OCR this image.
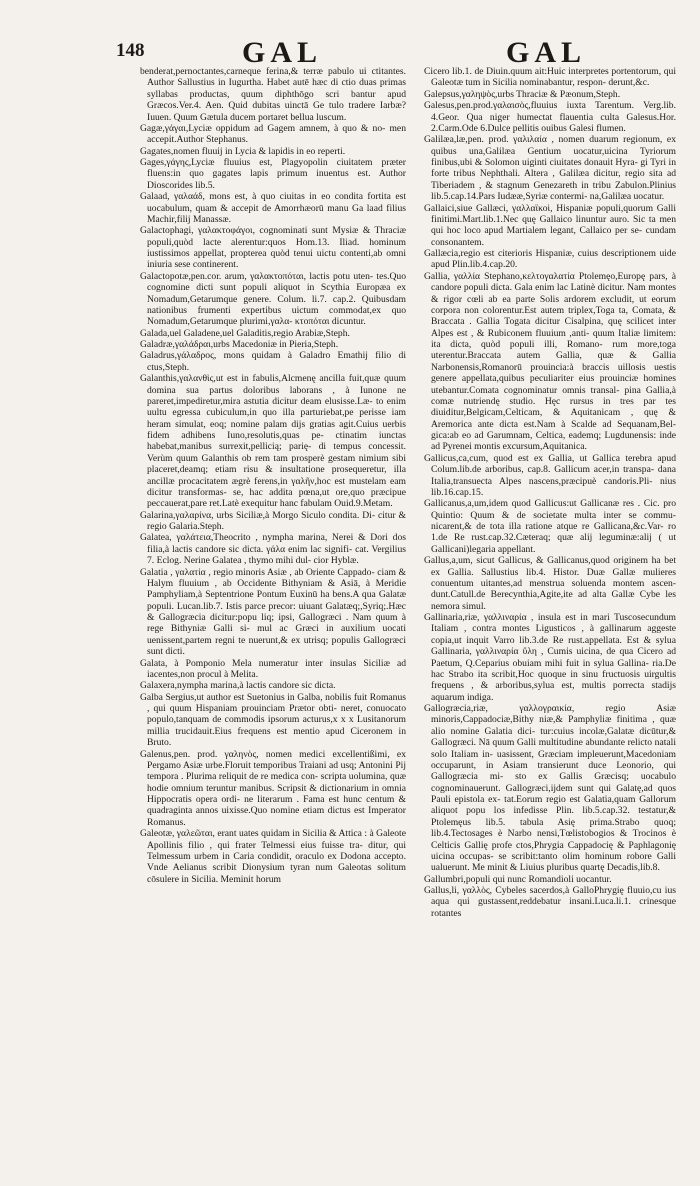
148	GAL	GAL

benderat,pernoctantes,carneque ferina,& terræ pabulo ui ctitantes. Author Sallustius in Iugurtha. Habet autē hæc di ctio duas primas syllabas productas, quum diphthōgo scri bantur apud Græcos.Ver.4. Aen. Quid dubitas uinctā Ge tulo tradere Iarbæ?Iuuen. Quum Gætula ducem portaret bellua luscum.

Gagæ,γάγαι,Lyciæ oppidum ad Gagem amnem, à quo & no- men accepit.Author Stephanus.

Gagates,nomen fluuij in Lycia & lapidis in eo reperti.

Gages,γάγης,Lyciæ fluuius est, Plagyopolin ciuitatem præter fluens:in quo gagates lapis primum inuentus est. Author Dioscorides lib.5.

Galaad, γαλαάδ, mons est, à quo ciuitas in eo condita fortita est uocabulum, quam & accepit de Amorrhæorū manu Ga laad filius Machir,filij Manassæ.

Galactophagi, γαλακτοφάγοι, cognominati sunt Mysiæ & Thraciæ populi,quòd lacte alerentur:quos Hom.13. Iliad. hominum iustissimos appellat, propterea quòd tenui uictu contenti,ab omni iniuria sese continerent.

Galactopotæ,pen.cor. arum, γαλακτοπόται, lactis potu uten- tes.Quo cognomine dicti sunt populi aliquot in Scythia Europæa ex Nomadum,Getarumque genere. Colum. li.7. cap.2. Quibusdam nationibus frumenti expertibus uictum commodat,ex quo Nomadum,Getarumque plurimi,γαλα- κτοπόται dicuntur.

Galada,uel Galadene,uel Galaditis,regio Arabiæ,Steph.

Galadræ,γαλάδραι,urbs Macedoniæ in Pieria,Steph.

Galadrus,γάλαδρος, mons quidam à Galadro Emathij filio di ctus,Steph.

Galanthis,γαλανθὶς,ut est in fabulis,Alcmenę ancilla fuit,quæ quum domina sua partus doloribus laborans , à Iunone ne pareret,impediretur,mira astutia dicitur deam elusisse.Læ- to enim uultu egressa cubiculum,in quo illa parturiebat,pe perisse iam heram simulat, eoq; nomine palam dijs gratias agit.Cuius uerbis fidem adhibens Iuno,resolutis,quas pe- ctinatim iunctas habebat,manibus surrexit,pellicią; parię- di tempus concessit. Verùm quum Galanthis ob rem tam prosperè gestam nimium sibi placeret,deamq; etiam risu & insultatione prosequeretur, illa ancillæ procacitatem ægrè ferens,in γαλῆν,hoc est mustelam eam dicitur transformas- se, hac addita pœna,ut ore,quo præcipue peccauerat,pare ret.Latè exequitur hanc fabulam Ouid.9.Metam.

Galarina,γαλαρίνα, urbs Siciliæ,à Morgo Siculo condita. Di- citur & regio Galaria.Steph.

Galatea, γαλάτεια,Theocrito , nympha marina, Nerei & Dori dos filia,à lactis candore sic dicta. γάλα enim lac signifi- cat. Vergilius 7. Eclog. Nerine Galatea , thymo mihi dul- cior Hyblæ.

Galatia , γαλατία , regio minoris Asiæ , ab Oriente Cappado- ciam & Halym fluuium , ab Occidente Bithyniam & Asiā, à Meridie Pamphyliam,à Septentrione Pontum Euxinū ha bens.A qua Galatæ populi. Lucan.lib.7. Istis parce precor: uiuant Galatæq;,Syriq;.Hæc & Gallogræcia dicitur:popu liq; ipsi, Gallogræci . Nam quum à rege Bithyniæ Galli si- mul ac Græci in auxilium uocati uenissent,partem regni te nuerunt,& ex utrisq; populis Gallogræci sunt dicti.

Galata, à Pomponio Mela numeratur inter insulas Siciliæ ad iacentes,non procul à Melita.

Galaxera,nympha marina,à lactis candore sic dicta.

Galba Sergius,ut author est Suetonius in Galba, nobilis fuit Romanus , qui quum Hispaniam prouinciam Prætor obti- neret, conuocato populo,tanquam de commodis ipsorum acturus,x x x Lusitanorum millia trucidauit.Eius frequens est mentio apud Ciceronem in Bruto.

Galenus,pen. prod. γαληνὸς, nomen medici excellentißimi, ex Pergamo Asiæ urbe.Floruit temporibus Traiani ad usq; Antonini Pij tempora . Plurima reliquit de re medica con- scripta uolumina, quæ hodie omnium teruntur manibus. Scripsit & dictionarium in omnia Hippocratis opera ordi- ne literarum . Fama est hunc centum & quadraginta annos uixisse.Quo nomine etiam dictus est Imperator Romanus.

Galeotæ, γαλεῶται, erant uates quidam in Sicilia & Attica : à Galeote Apollinis filio , qui frater Telmessi eius fuisse tra- ditur, qui Telmessum urbem in Caria condidit, oraculo ex Dodona accepto. Vnde Aelianus scribit Dionysium tyran num Galeotas solitum cōsulere in Sicilia. Meminit horum

Cicero lib.1. de Diuin.quum ait:Huic interpretes portentorum, qui Galeotæ tum in Sicilia nominabantur, respon- derunt,&c.

Galepsus,γαληψὸς,urbs Thraciæ & Pæonum,Steph.

Galesus,pen.prod.γαλαισὸς,fluuius iuxta Tarentum. Verg.lib. 4.Geor. Qua niger humectat flauentia culta Galesus.Hor. 2.Carm.Ode 6.Dulce pellitis ouibus Galesi flumen.

Galilæa,læ,pen. prod. γαλιλαία , nomen duarum regionum, ex quibus una,Galilæa Gentium uocatur,uicina Tyriorum finibus,ubi & Solomon uiginti ciuitates donauit Hyra- gi Tyri in forte tribus Nephthali. Altera , Galilæa dicitur, regio sita ad Tiberiadem , & stagnum Genezareth in tribu Zabulon.Plinius lib.5.cap.14.Pars Iudææ,Syriæ contermi- na,Galilæa uocatur.

Gallaici,siue Gallæci, γαλλαϊκοὶ, Hispaniæ populi,quorum Galli finitimi.Mart.lib.1.Nec quę Gallaico linuntur auro. Sic ta men qui hoc loco apud Martialem legant, Callaico per se- cundam consonantem.

Gallæcia,regio est citerioris Hispaniæ, cuius descriptionem uide apud Plin.lib.4.cap.20.

Gallia, γαλλία Stephano,κελτογαλατία Ptolemęo,Europę pars, à candore populi dicta. Gala enim lac Latinè dicitur. Nam montes & rigor cœli ab ea parte Solis ardorem excludit, ut eorum corpora non colorentur.Est autem triplex,Toga ta, Comata, & Braccata . Gallia Togata dicitur Cisalpina, quę scilicet inter Alpes est , & Rubiconem fluuium ,anti- quum Italiæ limitem: ita dicta, quòd populi illi, Romano- rum more,toga uterentur.Braccata autem Gallia, quæ & Gallia Narbonensis,Romanorū prouincia:à braccis uillosis uestis genere appellata,quibus peculiariter eius prouinciæ homines utebantur.Comata cognominatur omnis transal- pina Gallia,à comæ nutriendę studio. Hęc rursus in tres par tes diuiditur,Belgicam,Celticam, & Aquitanicam , quę & Aremorica ante dicta est.Nam à Scalde ad Sequanam,Bel- gica:ab eo ad Garumnam, Celtica, eademq; Lugdunensis: inde ad Pyrenei montis excursum,Aquitanica.

Gallicus,ca,cum, quod est ex Gallia, ut Gallica terebra apud Colum.lib.de arboribus, cap.8. Gallicum acer,in transpa- dana Italia,transuecta Alpes nascens,præcipuè candoris.Pli- nius lib.16.cap.15.

Gallicanus,a,um,idem quod Gallicus:ut Gallicanæ res . Cic. pro Quintio: Quum & de societate multa inter se commu- nicarent,& de tota illa ratione atque re Gallicana,&c.Var- ro 1.de Re rust.cap.32.Cæteraq; quæ alij leguminæ:alij ( ut Gallicani)legaria appellant.

Gallus,a,um, sicut Gallicus, & Gallicanus,quod originem ha bet ex Gallia. Sallustius lib.4. Histor. Duæ Gallæ mulieres conuentum uitantes,ad menstrua soluenda montem ascen- dunt.Catull.de Berecynthia,Agite,ite ad alta Gallæ Cybe les nemora simul.

Gallinaria,riæ, γαλλιναρία , insula est in mari Tuscosecundum Italiam , contra montes Ligusticos , à gallinarum aggeste copia,ut inquit Varro lib.3.de Re rust.appellata. Est & sylua Gallinaria, γαλλιναρία ὕλη , Cumis uicina, de qua Cicero ad Paetum, Q.Ceparius obuiam mihi fuit in sylua Gallina- ria.De hac Strabo ita scribit,Hoc quoque in sinu fructuosis uirgultis frequens , & arboribus,sylua est, multis porrecta stadijs aquarum indiga.

Gallogræcia,riæ, γαλλογραικία, regio Asiæ minoris,Cappadociæ,Bithy niæ,& Pamphyliæ finitima , quæ alio nomine Galatia dici- tur:cuius incolæ,Galatæ dicūtur,& Gallogræci. Nā quum Galli multitudine abundante relicto natali solo Italiam in- uasissent, Græciam impleuerunt,Macedoniam occuparunt, in Asiam transierunt duce Leonorio, qui Gallogræcia mi- sto ex Gallis Græcisq; uocabulo cognominauerunt. Gallogræci,ijdem sunt qui Galatę,ad quos Pauli epistola ex- tat.Eorum regio est Galatia,quam Gallorum aliquot popu los infedisse Plin. lib.5.cap.32. testatur,& Ptolemęus lib.5. tabula Asię prima.Strabo quoq; lib.4.Tectosages è Narbo nensi,Tœlistobogios & Trocinos è Celticis Gallię profe ctos,Phrygia Cappadocię & Paphlagonię uicina occupas- se scribit:tanto olim hominum robore Galli ualuerunt. Me minit & Liuius pluribus quartę Decadis,lib.8.

Gallumbri,populi qui nunc Romandioli uocantur.

Gallus,li, γαλλὸς, Cybeles sacerdos,à GalloPhrygię fluuio,cu ius aqua qui gustassent,reddebatur insani.Luca.li.1. crinesque rotantes
